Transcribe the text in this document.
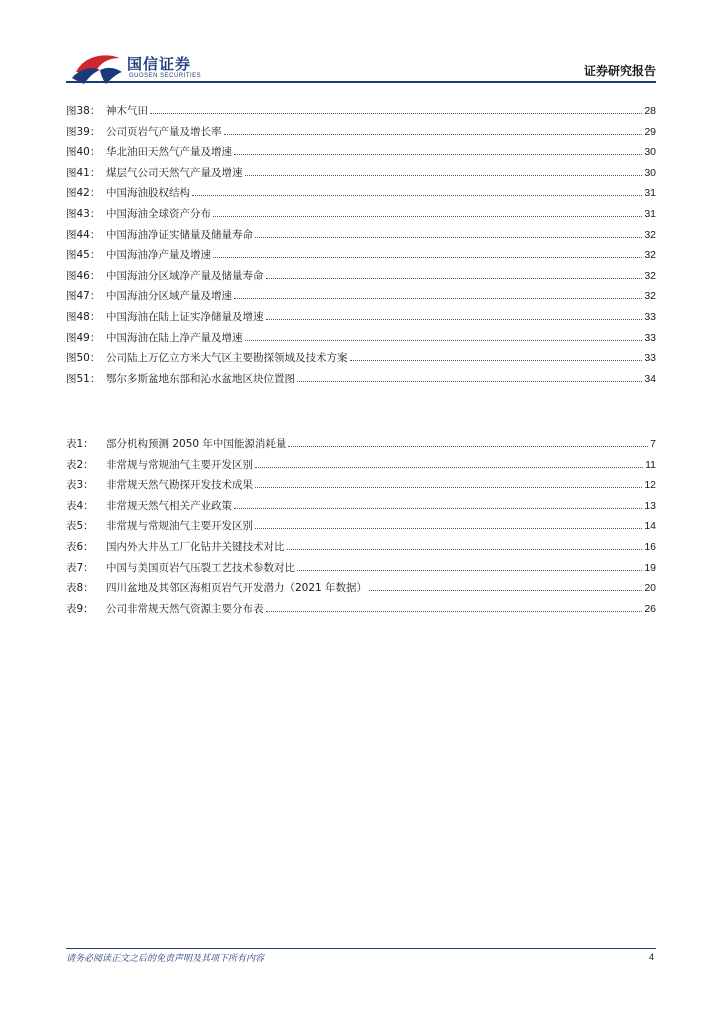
国信证券
GUOSEN SECURITIES	证券研究报告
图38： 神木气田	28
图39： 公司页岩气产量及增长率	29
图40： 华北油田天然气产量及增速	30
图41： 煤层气公司天然气产量及增速	30
图42： 中国海油股权结构	31
图43： 中国海油全球资产分布	31
图44： 中国海油净证实储量及储量寿命	32
图45： 中国海油净产量及增速	32
图46： 中国海油分区域净产量及储量寿命	32
图47： 中国海油分区域产量及增速	32
图48： 中国海油在陆上证实净储量及增速	33
图49： 中国海油在陆上净产量及增速	33
图50： 公司陆上万亿立方米大气区主要勘探领域及技术方案	33
图51： 鄂尔多斯盆地东部和沁水盆地区块位置图	34
表1：	部分机构预测 2050 年中国能源消耗量	7
表2：	非常规与常规油气主要开发区别	11
表3：	非常规天然气勘探开发技术成果	12
表4：	非常规天然气相关产业政策	13
表5：	非常规与常规油气主要开发区别	14
表6：	国内外大井丛工厂化钻井关键技术对比	16
表7：	中国与美国页岩气压裂工艺技术参数对比	19
表8：	四川盆地及其邻区海相页岩气开发潜力（2021 年数据）	20
表9：	公司非常规天然气资源主要分布表	26
请务必阅读正文之后的免责声明及其项下所有内容	4
